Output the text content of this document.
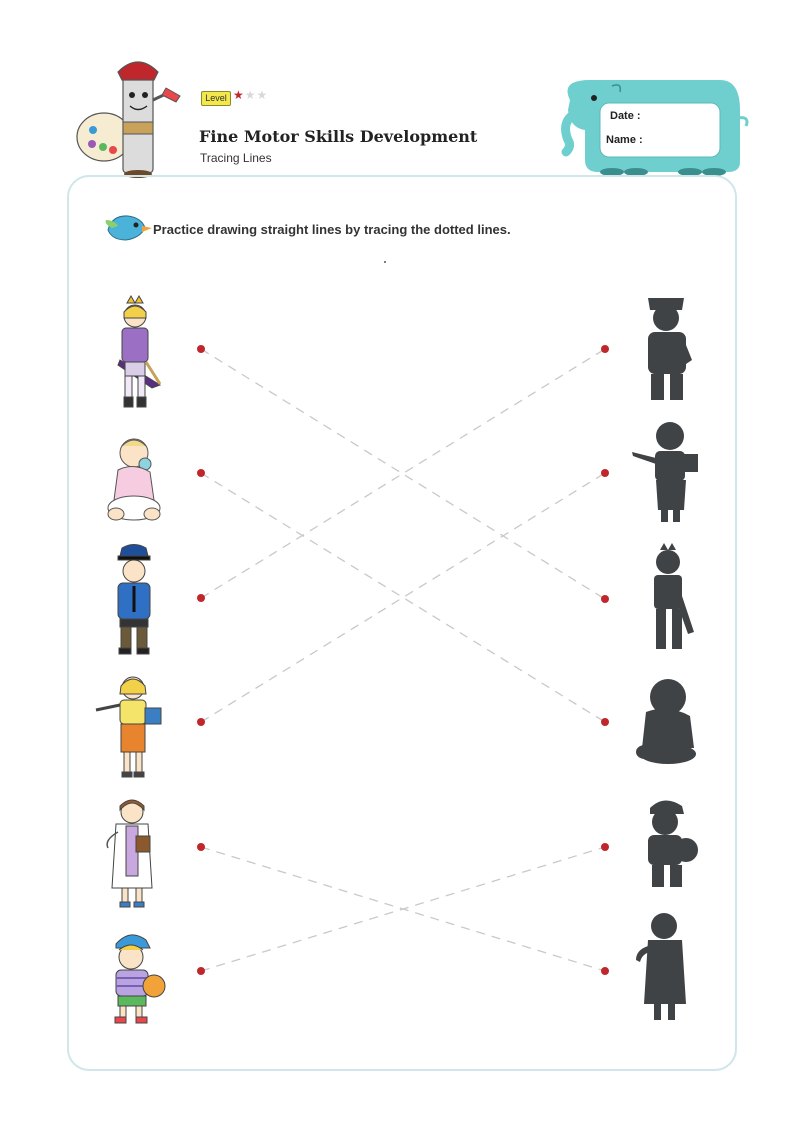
Level ★★★
Fine Motor Skills Development
Tracing Lines
Date :
Name :
Practice drawing straight lines by tracing the dotted lines.
